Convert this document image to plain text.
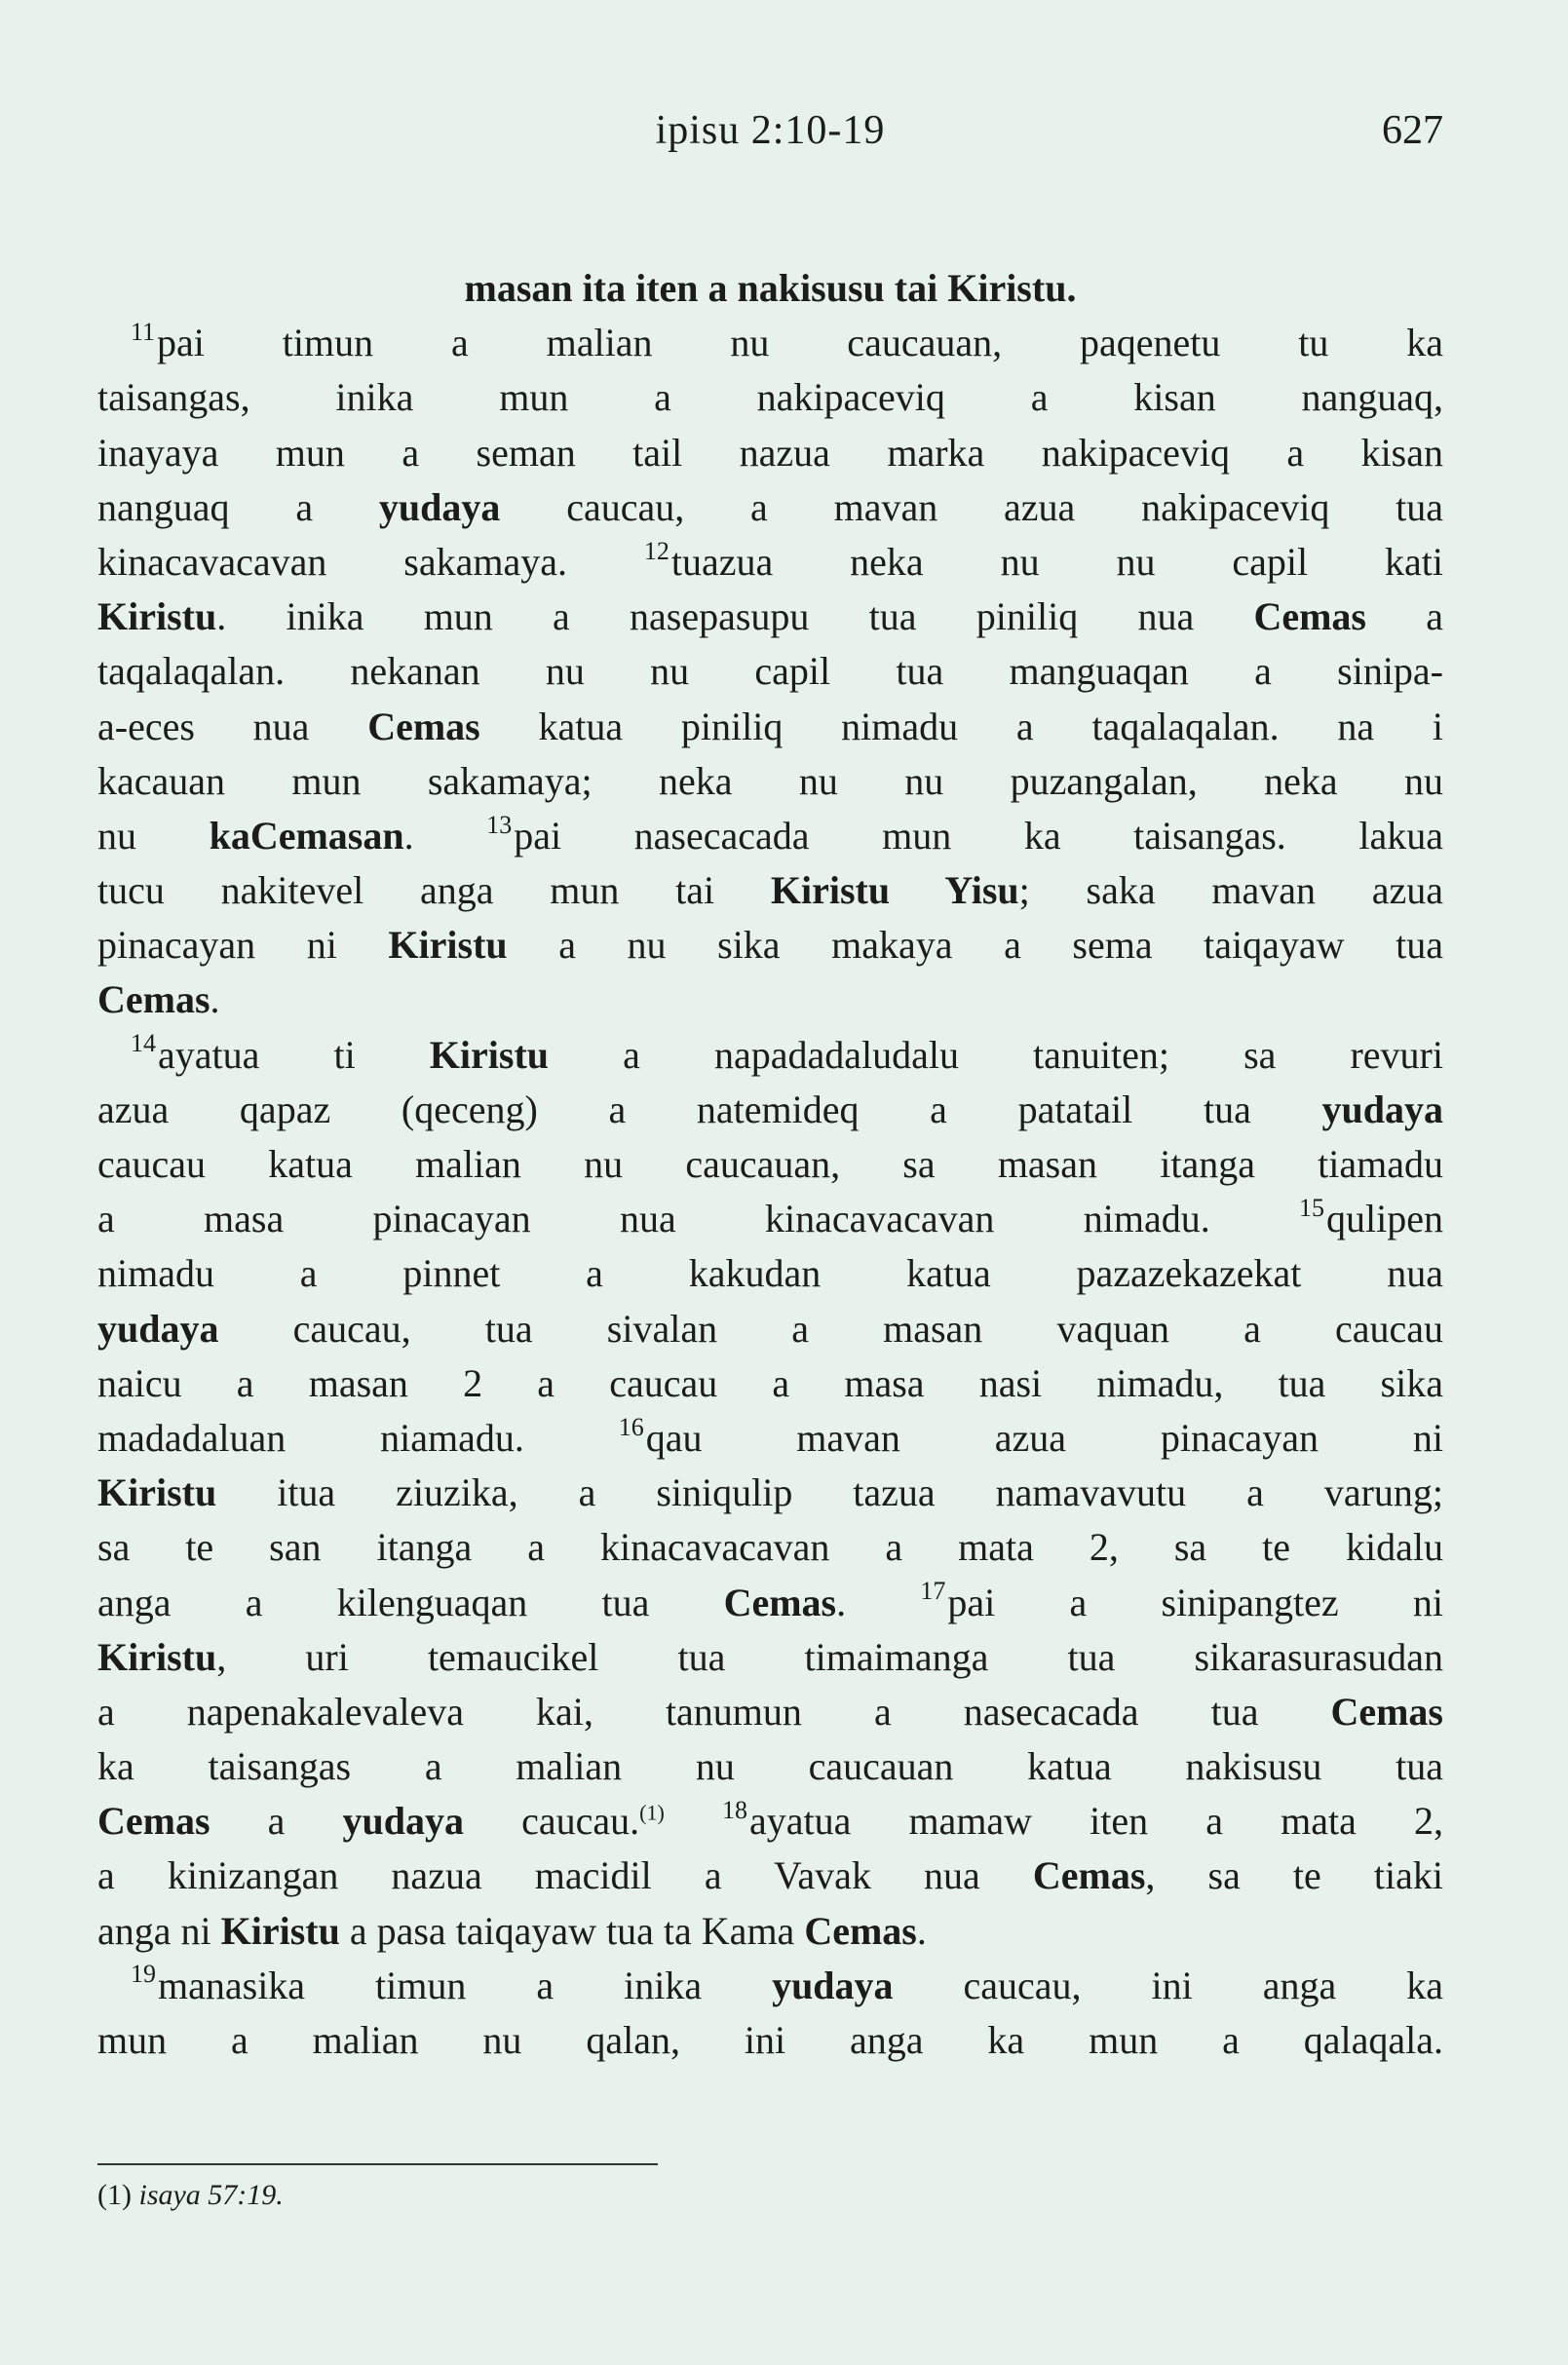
ipisu 2:10-19	627
masan ita iten a nakisusu tai Kiristu.
$^{11}$pai timun a malian nu caucauan, paqenetu tu ka
taisangas, inika mun a nakipaceviq a kisan nanguaq,
inayaya mun a seman tail nazua marka nakipaceviq a kisan
nanguaq a yudaya caucau, a mavan azua nakipaceviq tua
kinacavacavan sakamaya. $^{12}$tuazua neka nu nu capil kati
Kiristu. inika mun a nasepasupu tua piniliq nua Cemas a
taqalaqalan. nekanan nu nu capil tua manguaqan a sinipa-
a-eces nua Cemas katua piniliq nimadu a taqalaqalan. na i
kacauan mun sakamaya; neka nu nu puzangalan, neka nu
nu kaCemasan. $^{13}$pai nasecacada mun ka taisangas. lakua
tucu nakitevel anga mun tai Kiristu Yisu; saka mavan azua
pinacayan ni Kiristu a nu sika makaya a sema taiqayaw tua
Cemas.
$^{14}$ayatua ti Kiristu a napadadaludalu tanuiten; sa revuri
azua qapaz (qeceng) a natemideq a patatail tua yudaya
caucau katua malian nu caucauan, sa masan itanga tiamadu
a masa pinacayan nua kinacavacavan nimadu. $^{15}$qulipen
nimadu a pinnet a kakudan katua pazazekazekat nua
yudaya caucau, tua sivalan a masan vaquan a caucau
naicu a masan 2 a caucau a masa nasi nimadu, tua sika
madadaluan niamadu. $^{16}$qau mavan azua pinacayan ni
Kiristu itua ziuzika, a siniqulip tazua namavavutu a varung;
sa te san itanga a kinacavacavan a mata 2, sa te kidalu
anga a kilenguaqan tua Cemas. $^{17}$pai a sinipangtez ni
Kiristu, uri temaucikel tua timaimanga tua sikarasurasudan
a napenakalevaleva kai, tanumun a nasecacada tua Cemas
ka taisangas a malian nu caucauan katua nakisusu tua
Cemas a yudaya caucau.$^{(1)}$ $^{18}$ayatua mamaw iten a mata 2,
a kinizangan nazua macidil a Vavak nua Cemas, sa te tiaki
anga ni Kiristu a pasa taiqayaw tua ta Kama Cemas.
$^{19}$manasika timun a inika yudaya caucau, ini anga ka
mun a malian nu qalan, ini anga ka mun a qalaqala.
(1) isaya 57:19.
